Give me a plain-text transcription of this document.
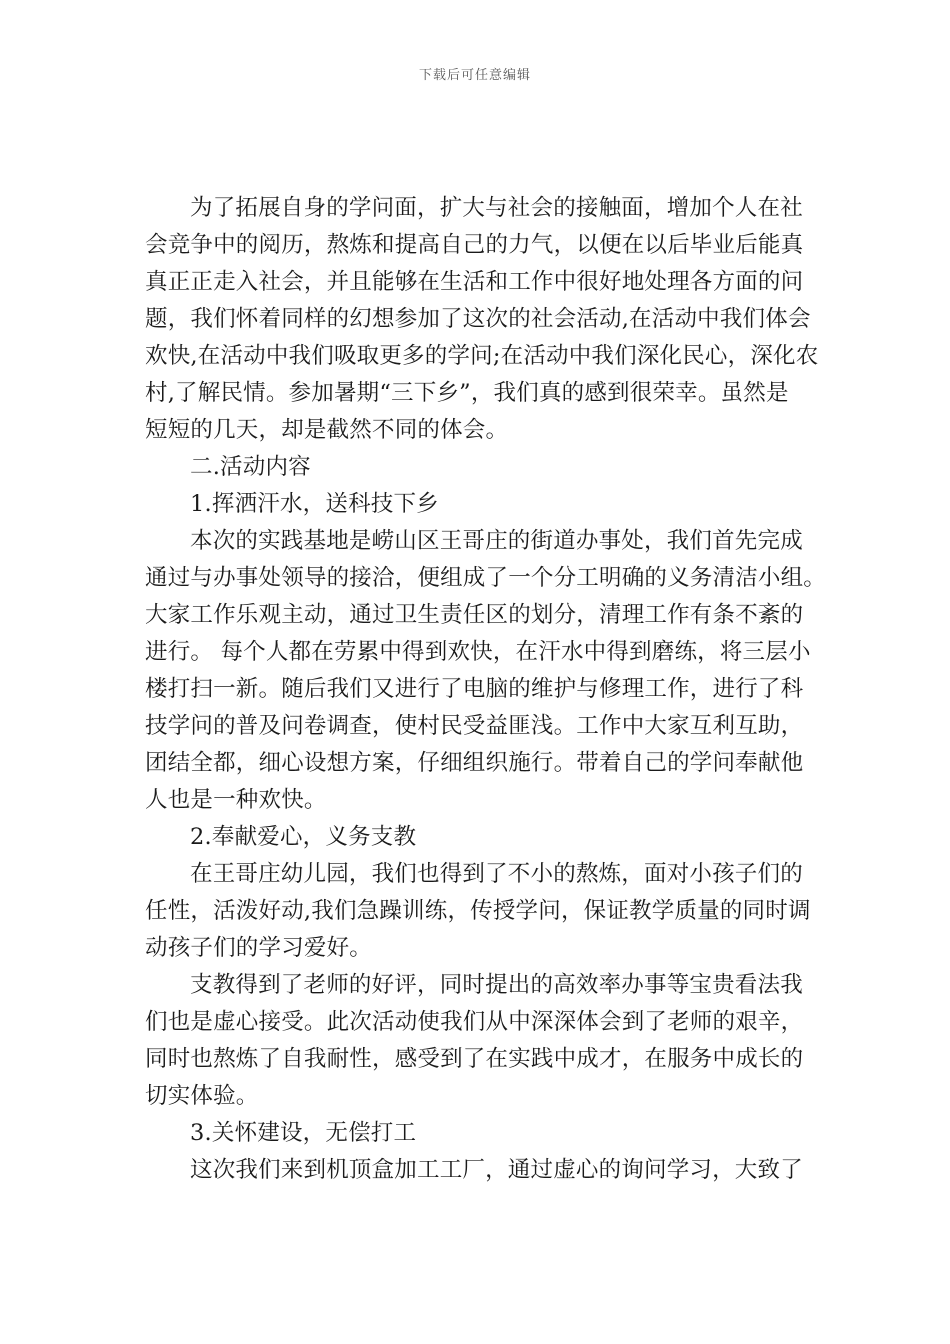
下载后可任意编辑
为了拓展自身的学问面，扩大与社会的接触面，增加个人在社
会竞争中的阅历，熬炼和提高自己的力气，以便在以后毕业后能真
真正正走入社会，并且能够在生活和工作中很好地处理各方面的问
题，我们怀着同样的幻想参加了这次的社会活动,在活动中我们体会
欢快,在活动中我们吸取更多的学问;在活动中我们深化民心，深化农
村,了解民情。参加暑期“三下乡”，我们真的感到很荣幸。虽然是
短短的几天，却是截然不同的体会。
二.活动内容
1.挥洒汗水，送科技下乡
本次的实践基地是崂山区王哥庄的街道办事处，我们首先完成
通过与办事处领导的接洽，便组成了一个分工明确的义务清洁小组。
大家工作乐观主动，通过卫生责任区的划分，清理工作有条不紊的
进行。 每个人都在劳累中得到欢快，在汗水中得到磨练，将三层小
楼打扫一新。随后我们又进行了电脑的维护与修理工作，进行了科
技学问的普及问卷调查，使村民受益匪浅。工作中大家互利互助，
团结全都，细心设想方案，仔细组织施行。带着自己的学问奉献他
人也是一种欢快。
2.奉献爱心，义务支教
在王哥庄幼儿园，我们也得到了不小的熬炼，面对小孩子们的
任性，活泼好动,我们急躁训练，传授学问，保证教学质量的同时调
动孩子们的学习爱好。
支教得到了老师的好评，同时提出的高效率办事等宝贵看法我
们也是虚心接受。此次活动使我们从中深深体会到了老师的艰辛，
同时也熬炼了自我耐性，感受到了在实践中成才，在服务中成长的
切实体验。
3.关怀建设，无偿打工
这次我们来到机顶盒加工工厂，通过虚心的询问学习，大致了
